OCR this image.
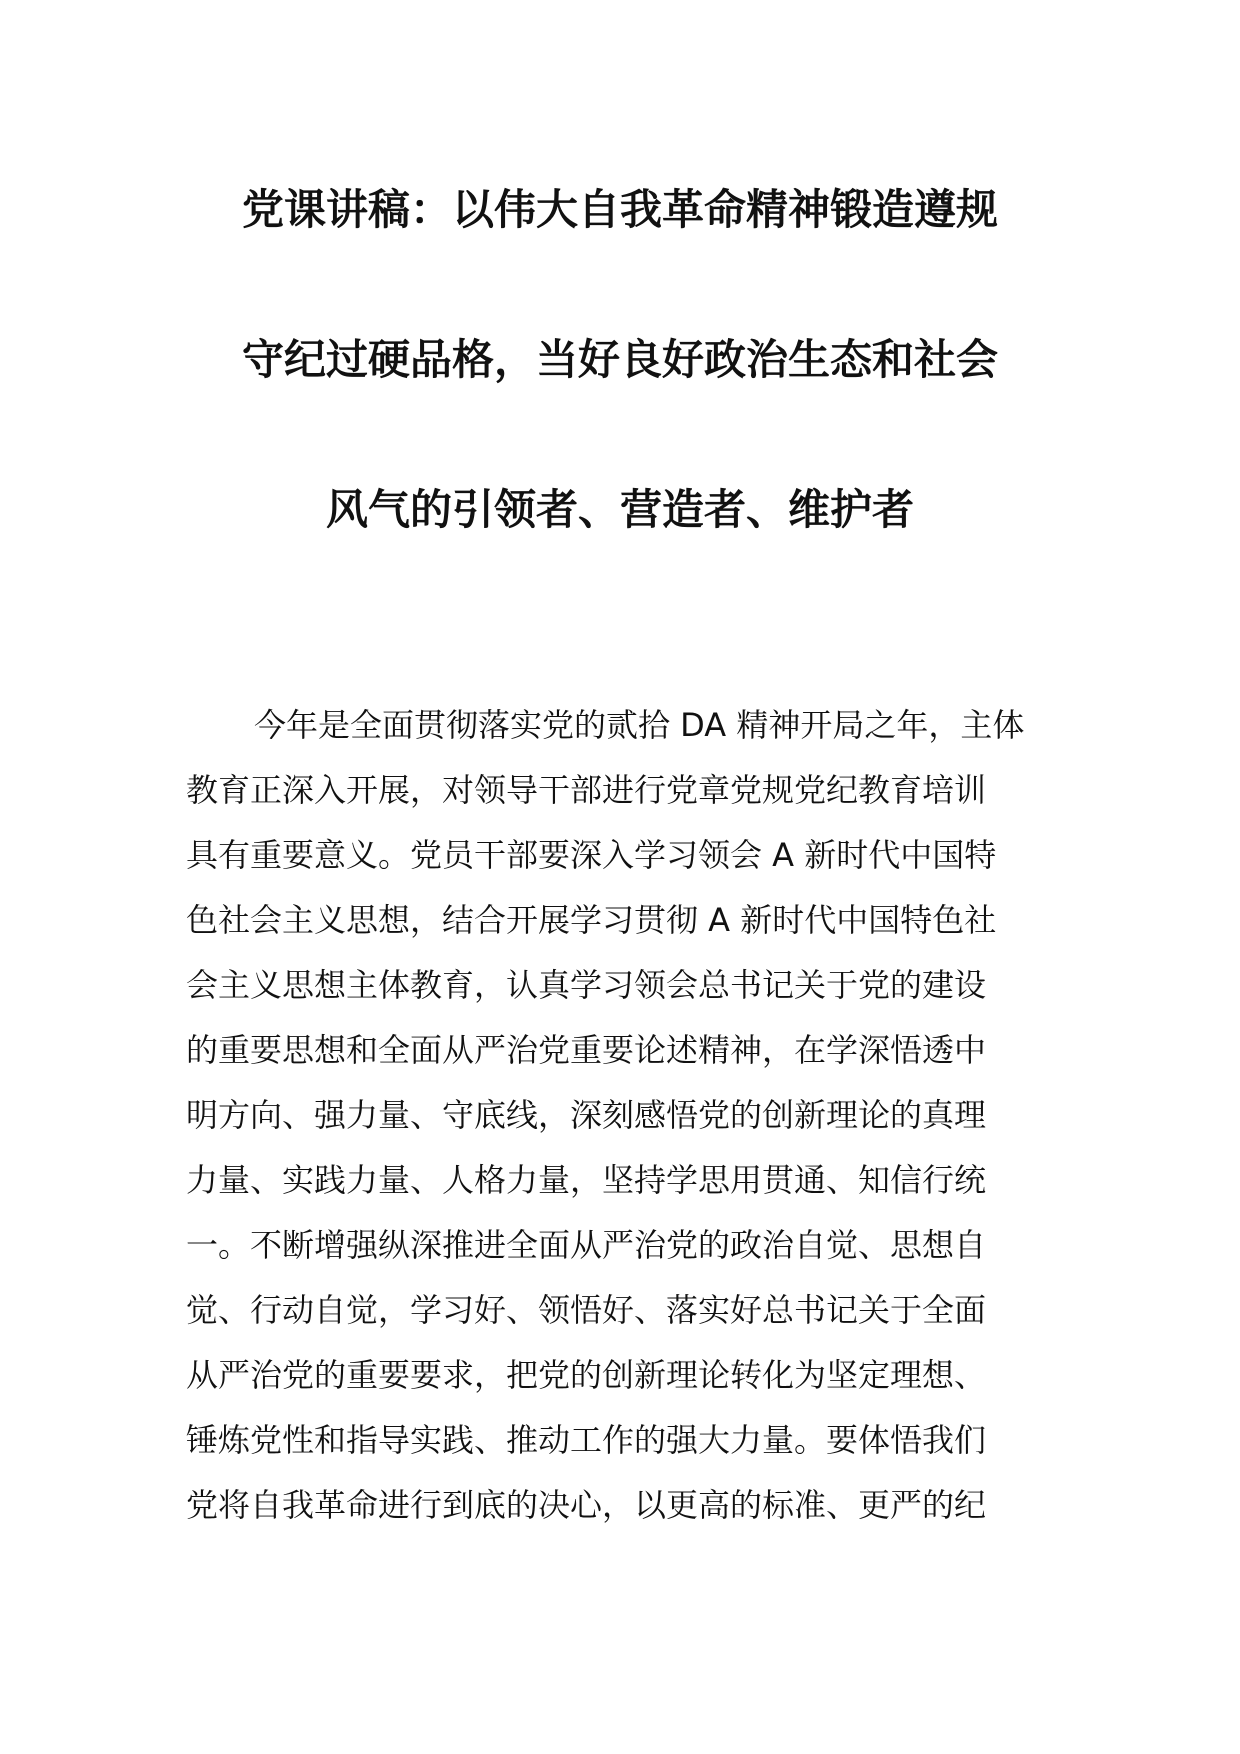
党课讲稿：以伟大自我革命精神锻造遵规
守纪过硬品格，当好良好政治生态和社会
风气的引领者、营造者、维护者
今年是全面贯彻落实党的贰拾 DA 精神开局之年，主体
教育正深入开展，对领导干部进行党章党规党纪教育培训
具有重要意义。党员干部要深入学习领会 A 新时代中国特
色社会主义思想，结合开展学习贯彻 A 新时代中国特色社
会主义思想主体教育，认真学习领会总书记关于党的建设
的重要思想和全面从严治党重要论述精神，在学深悟透中
明方向、强力量、守底线，深刻感悟党的创新理论的真理
力量、实践力量、人格力量，坚持学思用贯通、知信行统
一。不断增强纵深推进全面从严治党的政治自觉、思想自
觉、行动自觉，学习好、领悟好、落实好总书记关于全面
从严治党的重要要求，把党的创新理论转化为坚定理想、
锤炼党性和指导实践、推动工作的强大力量。要体悟我们
党将自我革命进行到底的决心，以更高的标准、更严的纪
